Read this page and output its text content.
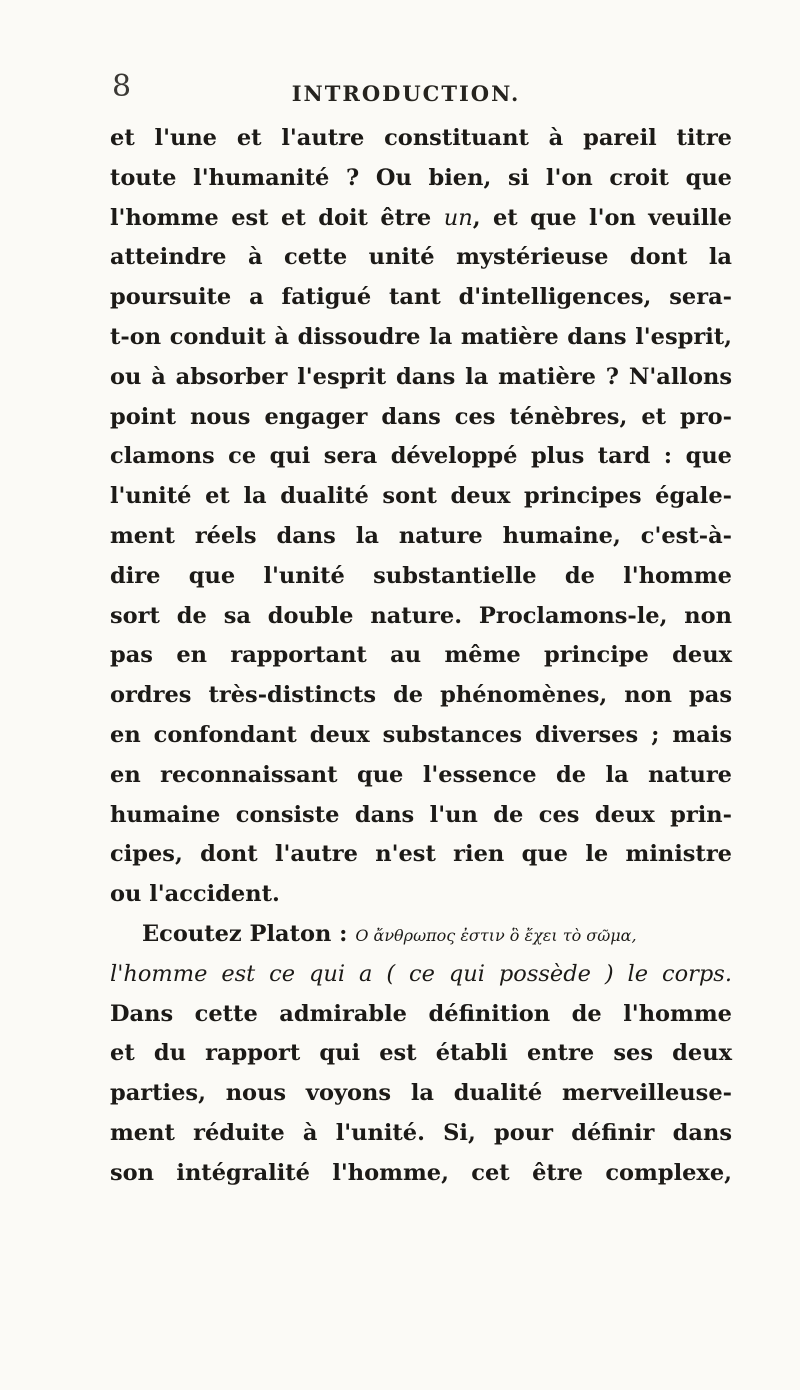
8	INTRODUCTION.
et l'une et l'autre constituant à pareil titre
toute l'humanité ? Ou bien, si l'on croit que
l'homme est et doit être un, et que l'on veuille
atteindre à cette unité mystérieuse dont la
poursuite a fatigué tant d'intelligences, sera-
t-on conduit à dissoudre la matière dans l'esprit,
ou à absorber l'esprit dans la matière ? N'allons
point nous engager dans ces ténèbres, et pro-
clamons ce qui sera développé plus tard : que
l'unité et la dualité sont deux principes égale-
ment réels dans la nature humaine, c'est-à-
dire que l'unité substantielle de l'homme
sort de sa double nature. Proclamons-le, non
pas en rapportant au même principe deux
ordres très-distincts de phénomènes, non pas
en confondant deux substances diverses ; mais
en reconnaissant que l'essence de la nature
humaine consiste dans l'un de ces deux prin-
cipes, dont l'autre n'est rien que le ministre
ou l'accident.
Ecoutez Platon : Ο ἄνθρωπος ἐστιν ὃ ἔχει τὸ σῶμα,
l'homme est ce qui a ( ce qui possède ) le corps.
Dans cette admirable définition de l'homme
et du rapport qui est établi entre ses deux
parties, nous voyons la dualité merveilleuse-
ment réduite à l'unité. Si, pour définir dans
son intégralité l'homme, cet être complexe,
